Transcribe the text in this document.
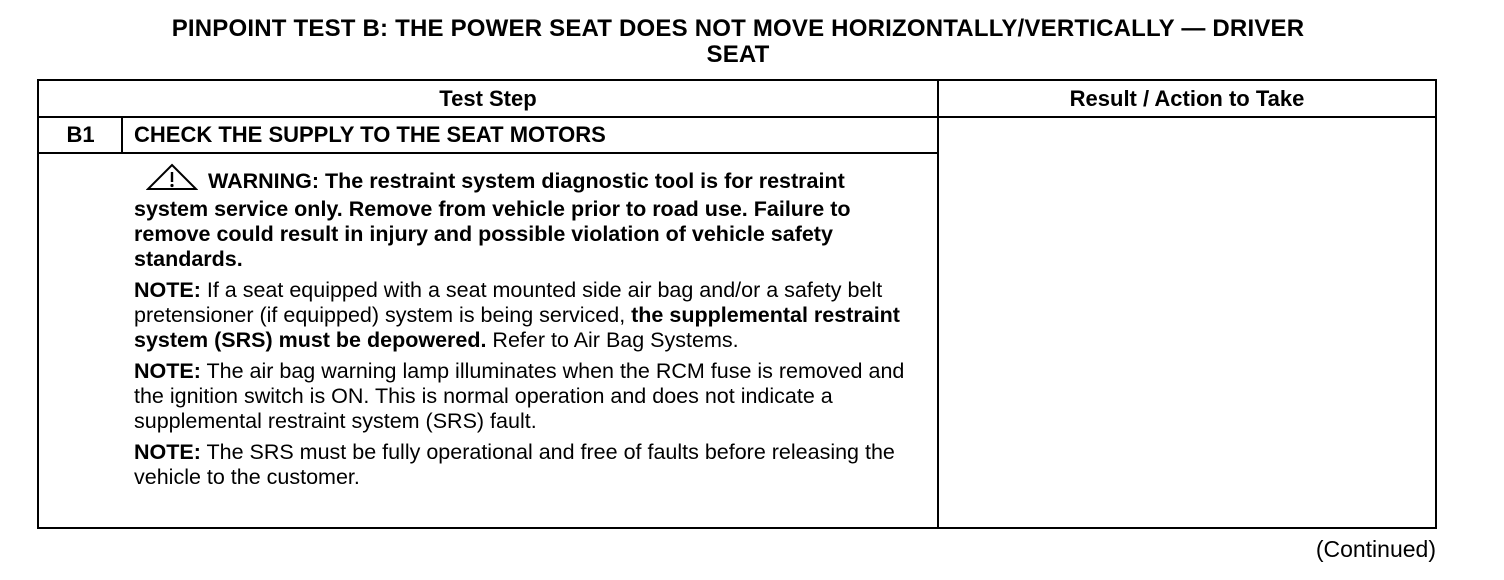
PINPOINT TEST B: THE POWER SEAT DOES NOT MOVE HORIZONTALLY/VERTICALLY — DRIVER
SEAT
Test Step	Result / Action to Take
B1	CHECK THE SUPPLY TO THE SEAT MOTORS

WARNING: The restraint system diagnostic tool is for restraint system service only. Remove from vehicle prior to road use. Failure to remove could result in injury and possible violation of vehicle safety standards.

NOTE: If a seat equipped with a seat mounted side air bag and/or a safety belt pretensioner (if equipped) system is being serviced, the supplemental restraint system (SRS) must be depowered. Refer to Air Bag Systems.

NOTE: The air bag warning lamp illuminates when the RCM fuse is removed and the ignition switch is ON. This is normal operation and does not indicate a supplemental restraint system (SRS) fault.

NOTE: The SRS must be fully operational and free of faults before releasing the vehicle to the customer.

(Continued)
